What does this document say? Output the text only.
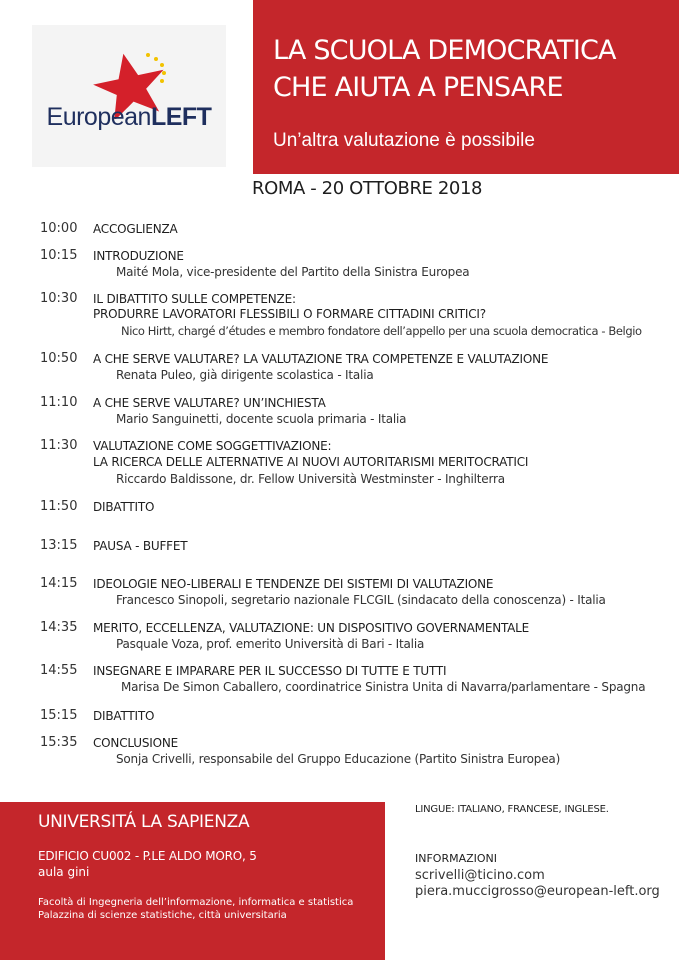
EuropeanLEFT
LA SCUOLA DEMOCRATICA
CHE AIUTA A PENSARE
Un’altra valutazione è possibile
ROMA - 20 OTTOBRE 2018
10:00 ACCOGLIENZA
10:15 INTRODUZIONE
Maité Mola, vice-presidente del Partito della Sinistra Europea
10:30 IL DIBATTITO SULLE COMPETENZE:
PRODURRE LAVORATORI FLESSIBILI O FORMARE CITTADINI CRITICI?
Nico Hirtt, chargé d’études e membro fondatore dell’appello per una scuola democratica - Belgio
10:50 A CHE SERVE VALUTARE? LA VALUTAZIONE TRA COMPETENZE E VALUTAZIONE
Renata Puleo, già dirigente scolastica - Italia
11:10 A CHE SERVE VALUTARE? UN’INCHIESTA
Mario Sanguinetti, docente scuola primaria - Italia
11:30 VALUTAZIONE COME SOGGETTIVAZIONE:
LA RICERCA DELLE ALTERNATIVE AI NUOVI AUTORITARISMI MERITOCRATICI
Riccardo Baldissone, dr. Fellow Università Westminster - Inghilterra
11:50 DIBATTITO
13:15 PAUSA - BUFFET
14:15 IDEOLOGIE NEO-LIBERALI E TENDENZE DEI SISTEMI DI VALUTAZIONE
Francesco Sinopoli, segretario nazionale FLCGIL (sindacato della conoscenza) - Italia
14:35 MERITO, ECCELLENZA, VALUTAZIONE: UN DISPOSITIVO GOVERNAMENTALE
Pasquale Voza, prof. emerito Università di Bari - Italia
14:55 INSEGNARE E IMPARARE PER IL SUCCESSO DI TUTTE E TUTTI
Marisa De Simon Caballero, coordinatrice Sinistra Unita di Navarra/parlamentare - Spagna
15:15 DIBATTITO
15:35 CONCLUSIONE
Sonja Crivelli, responsabile del Gruppo Educazione (Partito Sinistra Europea)
UNIVERSITÁ LA SAPIENZA
EDIFICIO CU002 - P.LE ALDO MORO, 5
aula gini
Facoltà di Ingegneria dell’informazione, informatica e statistica
Palazzina di scienze statistiche, città universitaria
LINGUE: ITALIANO, FRANCESE, INGLESE.
INFORMAZIONI
scrivelli@ticino.com
piera.muccigrosso@european-left.org
